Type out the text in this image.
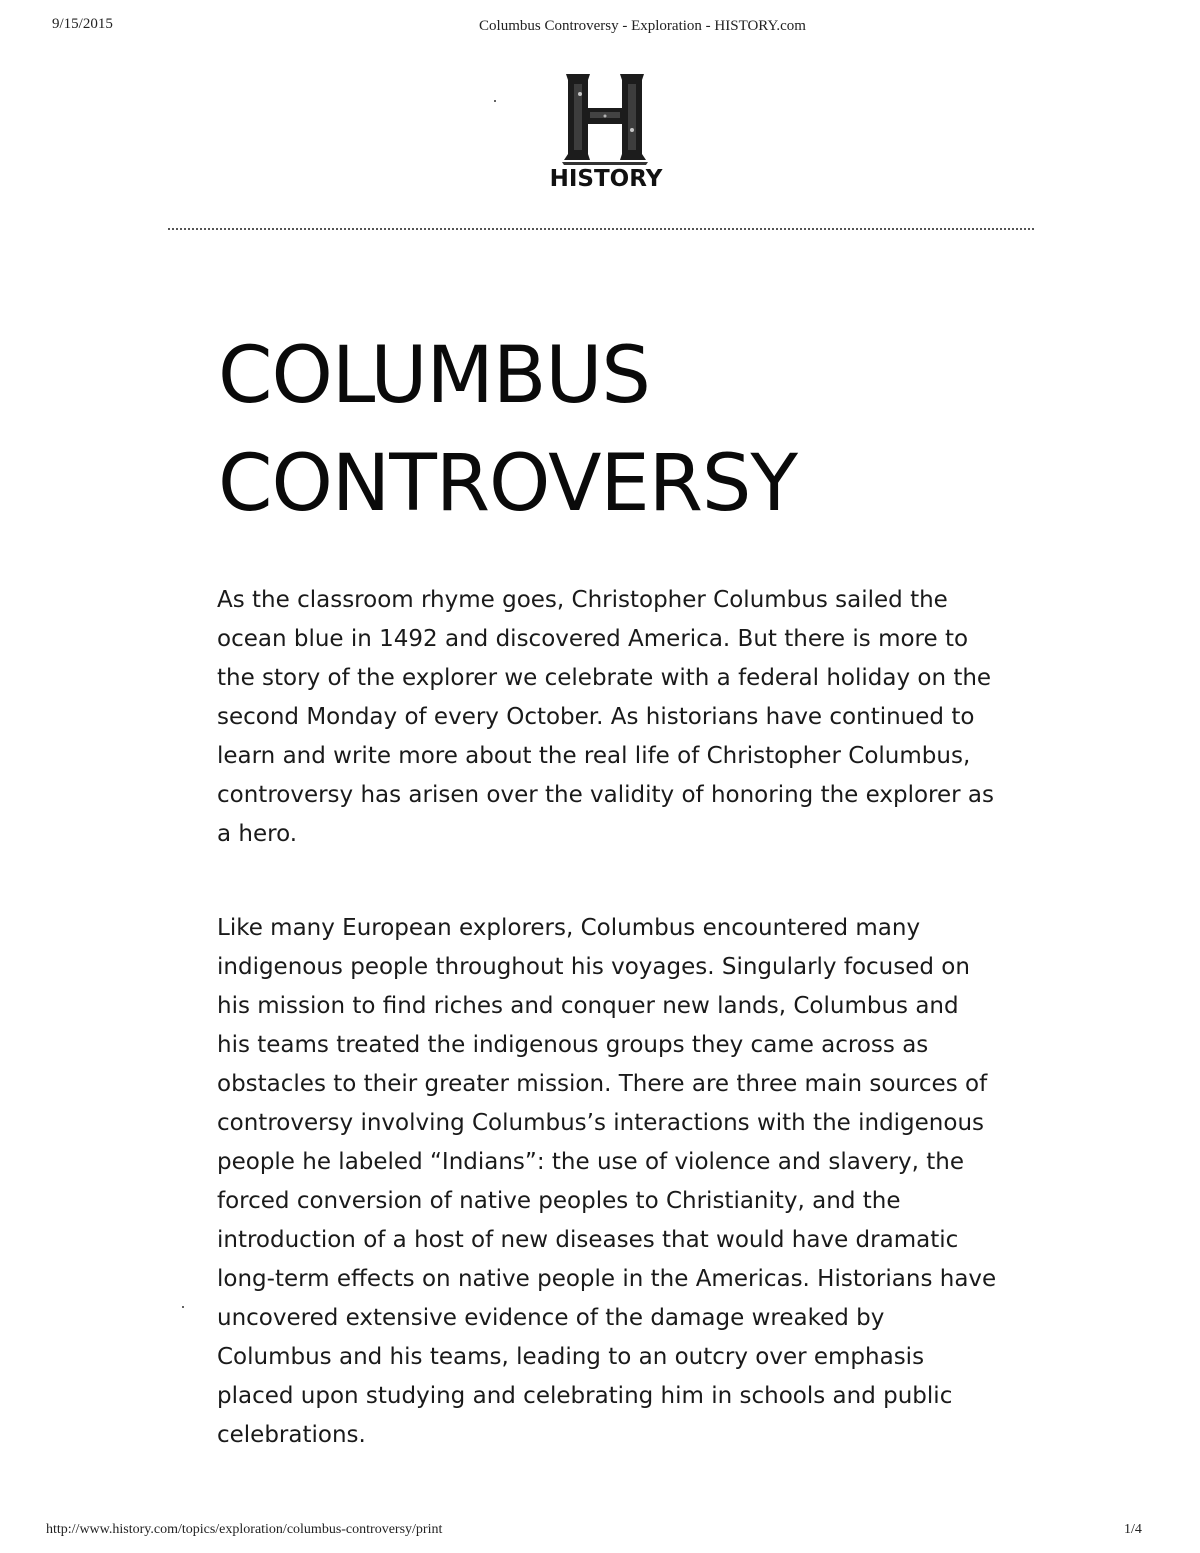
9/15/2015	Columbus Controversy - Exploration - HISTORY.com
HISTORY
COLUMBUS
CONTROVERSY

As the classroom rhyme goes, Christopher Columbus sailed the ocean blue in 1492 and discovered America. But there is more to the story of the explorer we celebrate with a federal holiday on the second Monday of every October. As historians have continued to learn and write more about the real life of Christopher Columbus, controversy has arisen over the validity of honoring the explorer as a hero.

Like many European explorers, Columbus encountered many indigenous people throughout his voyages. Singularly focused on his mission to find riches and conquer new lands, Columbus and his teams treated the indigenous groups they came across as obstacles to their greater mission. There are three main sources of controversy involving Columbus’s interactions with the indigenous people he labeled “Indians”: the use of violence and slavery, the forced conversion of native peoples to Christianity, and the introduction of a host of new diseases that would have dramatic long-term effects on native people in the Americas. Historians have uncovered extensive evidence of the damage wreaked by Columbus and his teams, leading to an outcry over emphasis placed upon studying and celebrating him in schools and public celebrations.

http://www.history.com/topics/exploration/columbus-controversy/print	1/4
